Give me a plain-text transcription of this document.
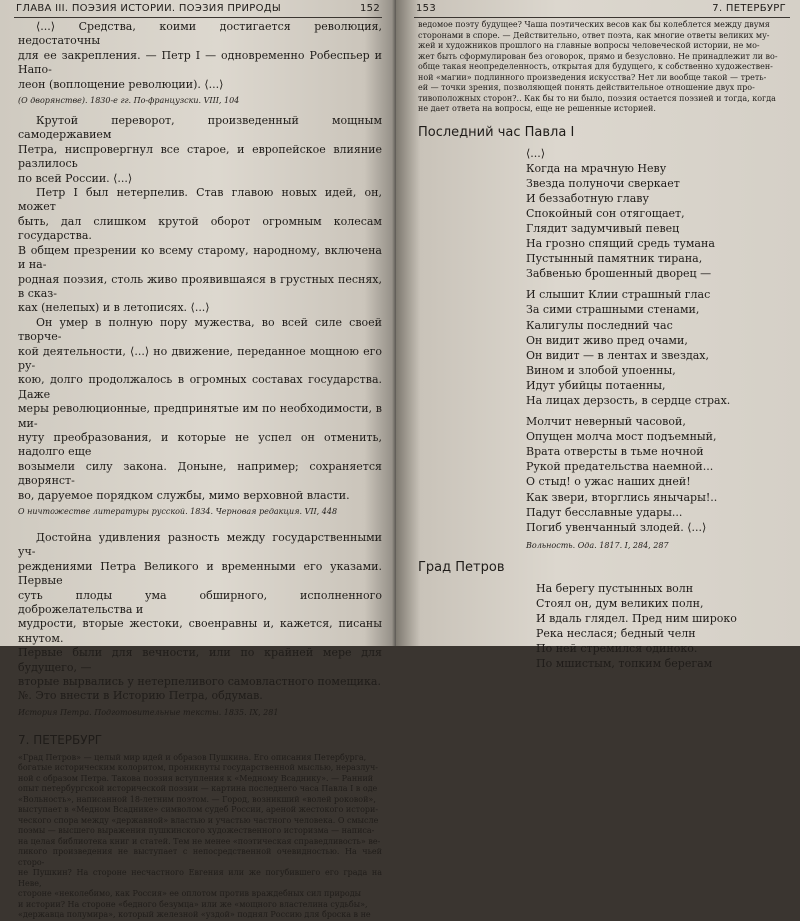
ГЛАВА III. ПОЭЗИЯ ИСТОРИИ. ПОЭЗИЯ ПРИРОДЫ	152
⟨...⟩ Средства, коими достигается революция, недостаточны
для ее закрепления. — Петр I — одновременно Робеспьер и Напо-
леон (воплощение революции). ⟨...⟩

(О дворянстве). 1830-е гг. По-французски. VIII, 104

Крутой переворот, произведенный мощным самодержавием
Петра, ниспровергнул все старое, и европейское влияние разлилось
по всей России. ⟨...⟩
Петр I был нетерпелив. Став главою новых идей, он, может
быть, дал слишком крутой оборот огромным колесам государства.
В общем презрении ко всему старому, народному, включена и на-
родная поэзия, столь живо проявившаяся в грустных песнях, в сказ-
ках (нелепых) и в летописях. ⟨...⟩
Он умер в полную пору мужества, во всей силе своей творче-
кой деятельности, ⟨...⟩ но движение, переданное мощною его ру-
кою, долго продолжалось в огромных составах государства. Даже
меры революционные, предпринятые им по необходимости, в ми-
нуту преобразования, и которые не успел он отменить, надолго еще
возымели силу закона. Доныне, например; сохраняется дворянст-
во, даруемое порядком службы, мимо верховной власти.

О ничтожестве литературы русской. 1834. Черновая редакция. VII, 448

Достойна удивления разность между государственными уч-
реждениями Петра Великого и временными его указами. Первые
суть плоды ума обширного, исполненного доброжелательства и
мудрости, вторые жестоки, своенравны и, кажется, писаны кнутом.
Первые были для вечности, или по крайней мере для будущего, —
вторые вырвались у нетерпеливого самовластного помещика.
№. Это внести в Историю Петра, обдумав.

История Петра. Подготовительные тексты. 1835. IX, 281

7. ПЕТЕРБУРГ
«Град Петров» — целый мир идей и образов Пушкина. Его описания Петербурга,
богатые историческим колоритом, проникнуты государственной мыслью, неразлуч-
ной с образом Петра. Такова поэзия вступления к «Медному Всаднику». — Ранний
опыт петербургской исторической поэзии — картина последнего часа Павла I в оде
«Вольность», написанной 18-летним поэтом. — Город, возникший «волей роковой»,
выступает в «Медном Всаднике» символом судеб России, ареной жестокого истори-
ческого спора между «державной» властью и участью частного человека. О смысле
поэмы — высшего выражения пушкинского художественного историзма — написа-
на целая библиотека книг и статей. Тем не менее «поэтическая справедливость» ве-
ликого произведения не выступает с непосредственной очевидностью. На чьей сторо-
не Пушкин? На стороне несчастного Евгения или же погубившего его града на Неве,
стороне «неколебимо, как Россия» ее оплотом против враждебных сил природы
и истории? На стороне «бедного безумца» или же «мощного властелина судьбы»,
«державца полумира», который железной «уздой» поднял Россию для броска в не
153	7. ПЕТЕРБУРГ
ведомое поэту будущее? Чаша поэтических весов как бы колеблется между двумя
сторонами в споре. — Действительно, ответ поэта, как многие ответы великих му-
жей и художников прошлого на главные вопросы человеческой истории, не мо-
жет быть сформулирован без оговорок, прямо и безусловно. Не принадлежит ли во-
обще такая неопределенность, открытая для будущего, к собственно художествен-
ной «магии» подлинного произведения искусства? Нет ли вообще такой — треть-
ей — точки зрения, позволяющей понять действительное отношение двух про-
тивоположных сторон?.. Как бы то ни было, поэзия остается поэзией и тогда, когда
не дает ответа на вопросы, еще не решенные историей.
Последний час Павла I
⟨...⟩
Когда на мрачную Неву
Звезда полуночи сверкает
И беззаботную главу
Спокойный сон отягощает,
Глядит задумчивый певец
На грозно спящий средь тумана
Пустынный памятник тирана,
Забвенью брошенный дворец —
И слышит Клии страшный глас
За сими страшными стенами,
Калигулы последний час
Он видит живо пред очами,
Он видит — в лентах и звездах,
Вином и злобой упоенны,
Идут убийцы потаенны,
На лицах дерзость, в сердце страх.
Молчит неверный часовой,
Опущен молча мост подъемный,
Врата отверсты в тьме ночной
Рукой предательства наемной...
О стыд! о ужас наших дней!
Как звери, вторглись янычары!..
Падут бесславные удары...
Погиб увенчанный злодей. ⟨...⟩
Вольность. Ода. 1817. I, 284, 287
Град Петров
На берегу пустынных волн
Стоял он, дум великих полн,
И вдаль глядел. Пред ним широко
Река неслася; бедный челн
По ней стремился одиноко.
По мшистым, топким берегам
